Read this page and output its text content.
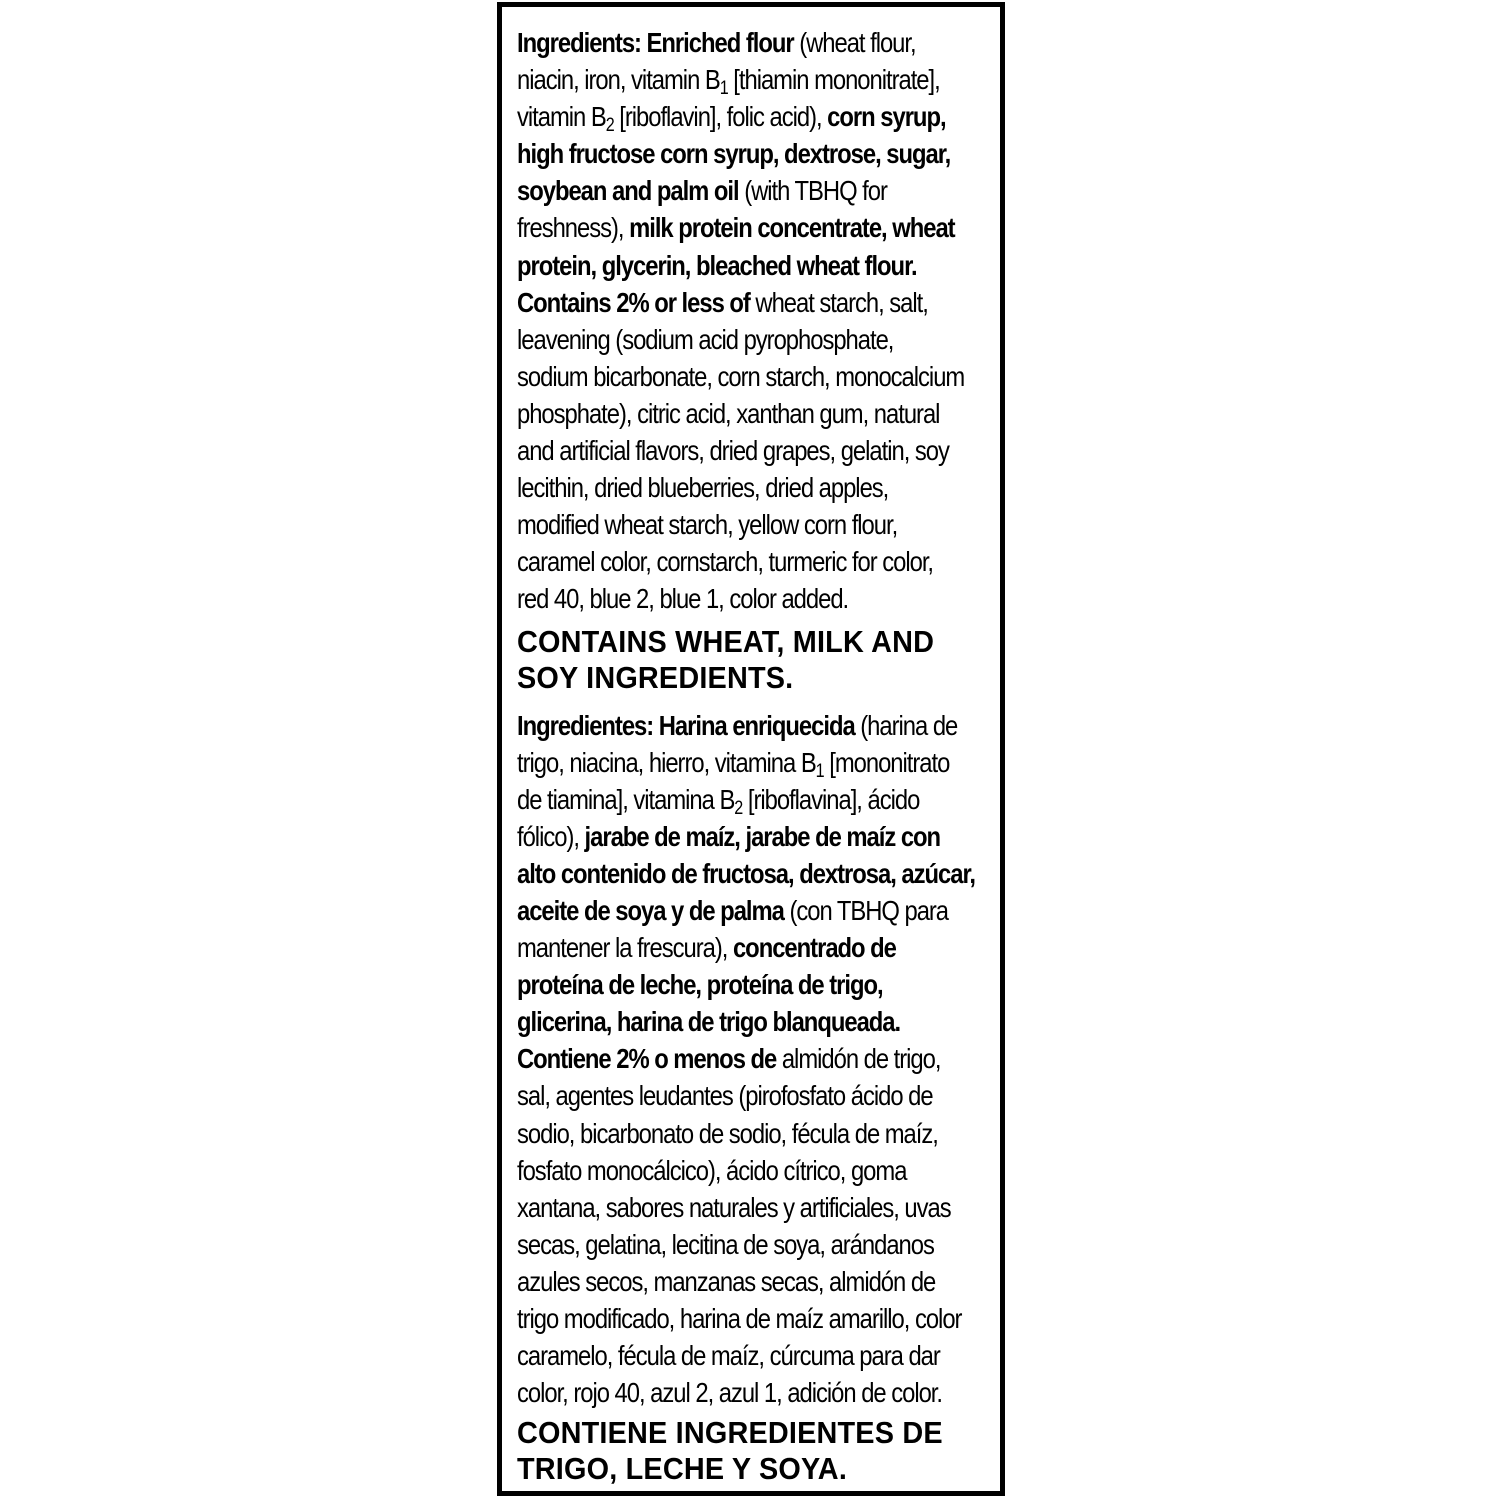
Ingredients: Enriched flour (wheat flour,
niacin, iron, vitamin $B_1$ [thiamin mononitrate],
vitamin $B_2$ [riboflavin], folic acid), corn syrup,
high fructose corn syrup, dextrose, sugar,
soybean and palm oil (with TBHQ for
freshness), milk protein concentrate, wheat
protein, glycerin, bleached wheat flour.
Contains 2% or less of wheat starch, salt,
leavening (sodium acid pyrophosphate,
sodium bicarbonate, corn starch, monocalcium
phosphate), citric acid, xanthan gum, natural
and artificial flavors, dried grapes, gelatin, soy
lecithin, dried blueberries, dried apples,
modified wheat starch, yellow corn flour,
caramel color, cornstarch, turmeric for color,
red 40, blue 2, blue 1, color added.
CONTAINS WHEAT, MILK AND
SOY INGREDIENTS.
Ingredientes: Harina enriquecida (harina de
trigo, niacina, hierro, vitamina $B_1$ [mononitrato
de tiamina], vitamina $B_2$ [riboflavina], ácido
fólico), jarabe de maíz, jarabe de maíz con
alto contenido de fructosa, dextrosa, azúcar,
aceite de soya y de palma (con TBHQ para
mantener la frescura), concentrado de
proteína de leche, proteína de trigo,
glicerina, harina de trigo blanqueada.
Contiene 2% o menos de almidón de trigo,
sal, agentes leudantes (pirofosfato ácido de
sodio, bicarbonato de sodio, fécula de maíz,
fosfato monocálcico), ácido cítrico, goma
xantana, sabores naturales y artificiales, uvas
secas, gelatina, lecitina de soya, arándanos
azules secos, manzanas secas, almidón de
trigo modificado, harina de maíz amarillo, color
caramelo, fécula de maíz, cúrcuma para dar
color, rojo 40, azul 2, azul 1, adición de color.
CONTIENE INGREDIENTES DE
TRIGO, LECHE Y SOYA.
